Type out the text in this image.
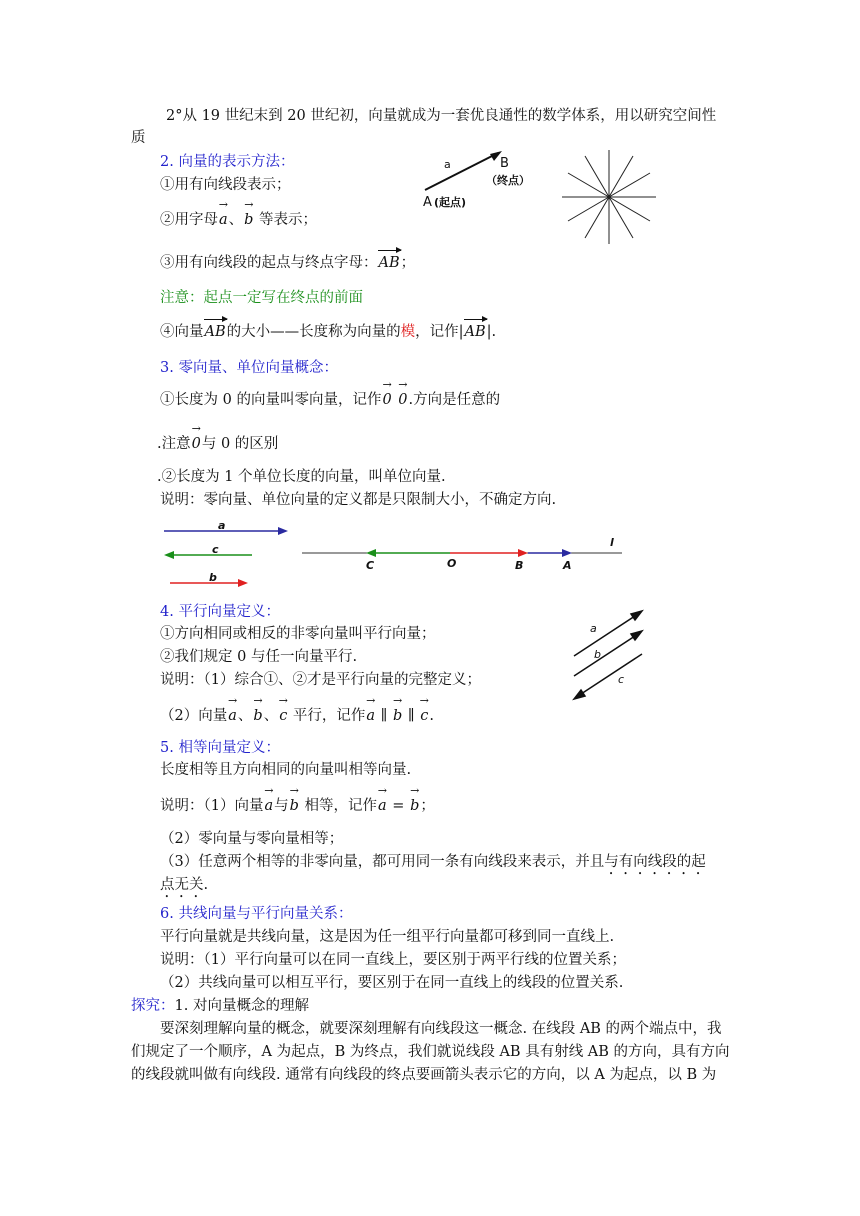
2°从 19 世纪末到 20 世纪初，向量就成为一套优良通性的数学体系，用以研究空间性
质
2. 向量的表示方法：
①用有向线段表示；
②用字母→ a、→ b 等表示；
③用有向线段的起点与终点字母：AB；
注意：起点一定写在终点的前面
④向量AB的大小——长度称为向量的模，记作|AB|.
a	B
（终点）
A (起点)
3. 零向量、单位向量概念：
①长度为 0 的向量叫零向量，记作→ 0 → 0.方向是任意的
.注意→ 0与 0 的区别
.②长度为 1 个单位长度的向量，叫单位向量.
说明：零向量、单位向量的定义都是只限制大小，不确定方向.
a
c
b
C	O	B	A
l
4. 平行向量定义：
①方向相同或相反的非零向量叫平行向量；
②我们规定 0 与任一向量平行.
说明：（1）综合①、②才是平行向量的完整定义；
（2）向量→ a、→ b、→ c 平行，记作→ a ∥ → b ∥ → c.
a
b
c
5. 相等向量定义：
长度相等且方向相同的向量叫相等向量.
说明：（1）向量→ a与→ b 相等，记作→ a = → b；
（2）零向量与零向量相等；
（3）任意两个相等的非零向量，都可用同一条有向线段来表示，并且与有向线段的起
点无关.
6. 共线向量与平行向量关系：
平行向量就是共线向量，这是因为任一组平行向量都可移到同一直线上.
说明：（1）平行向量可以在同一直线上，要区别于两平行线的位置关系；
（2）共线向量可以相互平行，要区别于在同一直线上的线段的位置关系.
探究：1. 对向量概念的理解
要深刻理解向量的概念，就要深刻理解有向线段这一概念. 在线段 AB 的两个端点中，我
们规定了一个顺序，A 为起点，B 为终点，我们就说线段 AB 具有射线 AB 的方向，具有方向
的线段就叫做有向线段. 通常有向线段的终点要画箭头表示它的方向，以 A 为起点，以 B 为
